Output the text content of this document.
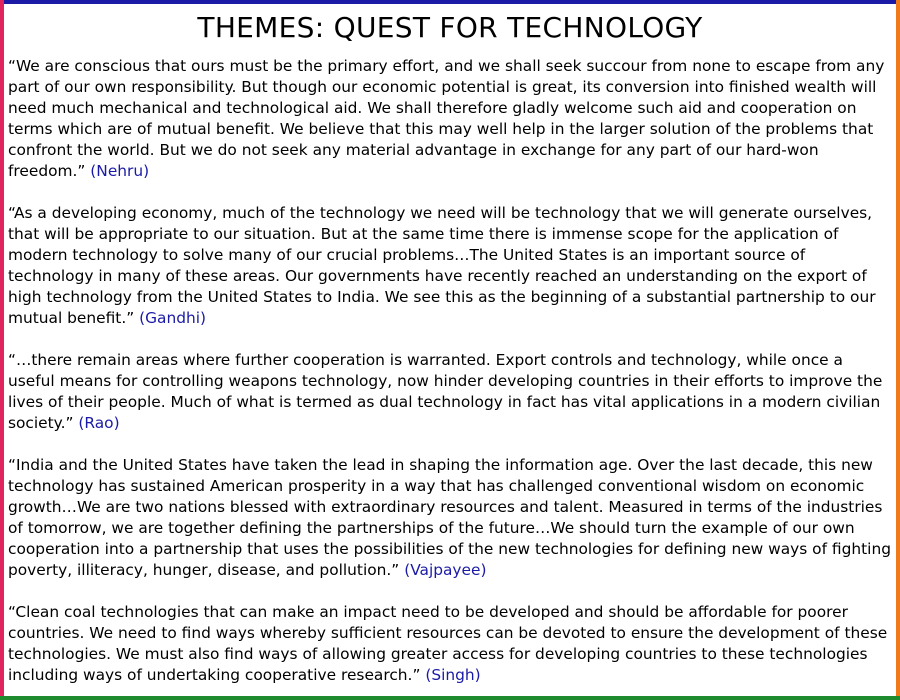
THEMES: QUEST FOR TECHNOLOGY

“We are conscious that ours must be the primary effort, and we shall seek succour from none to escape from any part of our own responsibility. But though our economic potential is great, its conversion into finished wealth will need much mechanical and technological aid. We shall therefore gladly welcome such aid and cooperation on terms which are of mutual benefit. We believe that this may well help in the larger solution of the problems that confront the world. But we do not seek any material advantage in exchange for any part of our hard-won freedom.” (Nehru)

“As a developing economy, much of the technology we need will be technology that we will generate ourselves, that will be appropriate to our situation. But at the same time there is immense scope for the application of modern technology to solve many of our crucial problems…The United States is an important source of technology in many of these areas. Our governments have recently reached an understanding on the export of high technology from the United States to India. We see this as the beginning of a substantial partnership to our mutual benefit.” (Gandhi)

“…there remain areas where further cooperation is warranted. Export controls and technology, while once a useful means for controlling weapons technology, now hinder developing countries in their efforts to improve the lives of their people. Much of what is termed as dual technology in fact has vital applications in a modern civilian society.” (Rao)

“India and the United States have taken the lead in shaping the information age. Over the last decade, this new technology has sustained American prosperity in a way that has challenged conventional wisdom on economic growth…We are two nations blessed with extraordinary resources and talent. Measured in terms of the industries of tomorrow, we are together defining the partnerships of the future…We should turn the example of our own cooperation into a partnership that uses the possibilities of the new technologies for defining new ways of fighting poverty, illiteracy, hunger, disease, and pollution.” (Vajpayee)

“Clean coal technologies that can make an impact need to be developed and should be affordable for poorer countries. We need to find ways whereby sufficient resources can be devoted to ensure the development of these technologies. We must also find ways of allowing greater access for developing countries to these technologies including ways of undertaking cooperative research.” (Singh)
